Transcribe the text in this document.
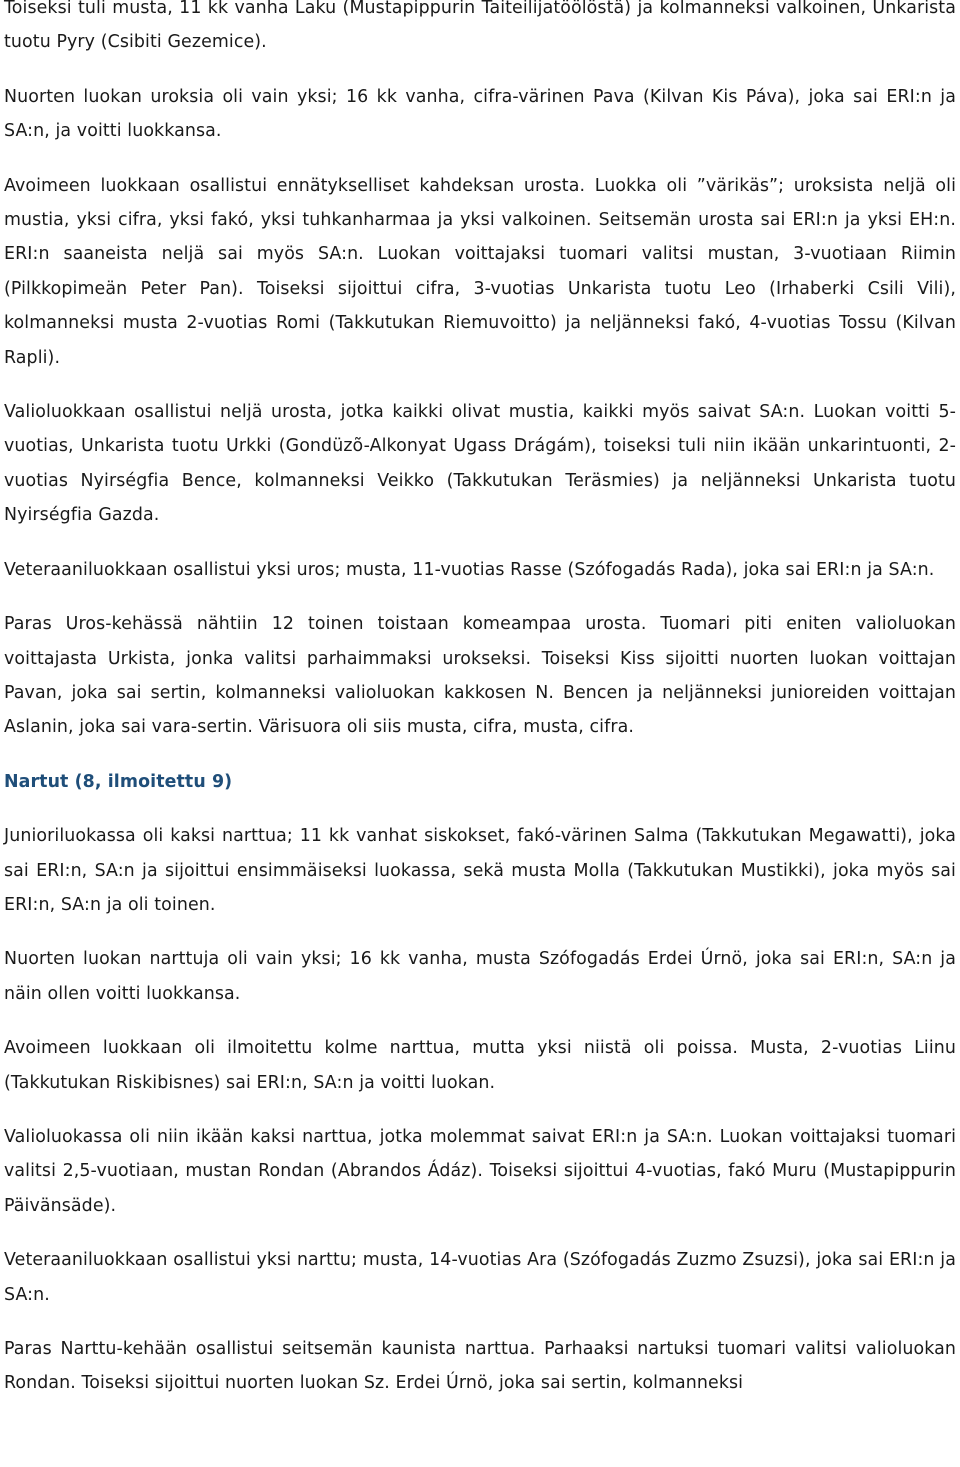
Toiseksi tuli musta, 11 kk vanha Laku (Mustapippurin Taiteilijatöölöstä) ja kolmanneksi valkoinen, Unkarista tuotu Pyry (Csibiti Gezemice).

Nuorten luokan uroksia oli vain yksi; 16 kk vanha, cifra-värinen Pava (Kilvan Kis Páva), joka sai ERI:n ja SA:n, ja voitti luokkansa.

Avoimeen luokkaan osallistui ennätykselliset kahdeksan urosta. Luokka oli ”värikäs”; uroksista neljä oli mustia, yksi cifra, yksi fakó, yksi tuhkanharmaa ja yksi valkoinen. Seitsemän urosta sai ERI:n ja yksi EH:n. ERI:n saaneista neljä sai myös SA:n. Luokan voittajaksi tuomari valitsi mustan, 3-vuotiaan Riimin (Pilkkopimeän Peter Pan). Toiseksi sijoittui cifra, 3-vuotias Unkarista tuotu Leo (Irhaberki Csili Vili), kolmanneksi musta 2-vuotias Romi (Takkutukan Riemuvoitto) ja neljänneksi fakó, 4-vuotias Tossu (Kilvan Rapli).

Valioluokkaan osallistui neljä urosta, jotka kaikki olivat mustia, kaikki myös saivat SA:n. Luokan voitti 5-vuotias, Unkarista tuotu Urkki (Gondüzõ-Alkonyat Ugass Drágám), toiseksi tuli niin ikään unkarintuonti, 2-vuotias Nyirségfia Bence, kolmanneksi Veikko (Takkutukan Teräsmies) ja neljänneksi Unkarista tuotu Nyirségfia Gazda.

Veteraaniluokkaan osallistui yksi uros; musta, 11-vuotias Rasse (Szófogadás Rada), joka sai ERI:n ja SA:n.

Paras Uros-kehässä nähtiin 12 toinen toistaan komeampaa urosta. Tuomari piti eniten valioluokan voittajasta Urkista, jonka valitsi parhaimmaksi urokseksi. Toiseksi Kiss sijoitti nuorten luokan voittajan Pavan, joka sai sertin, kolmanneksi valioluokan kakkosen N. Bencen ja neljänneksi junioreiden voittajan Aslanin, joka sai vara-sertin. Värisuora oli siis musta, cifra, musta, cifra.

Nartut (8, ilmoitettu 9)

Junioriluokassa oli kaksi narttua; 11 kk vanhat siskokset, fakó-värinen Salma (Takkutukan Megawatti), joka sai ERI:n, SA:n ja sijoittui ensimmäiseksi luokassa, sekä musta Molla (Takkutukan Mustikki), joka myös sai ERI:n, SA:n ja oli toinen.

Nuorten luokan narttuja oli vain yksi; 16 kk vanha, musta Szófogadás Erdei Úrnö, joka sai ERI:n, SA:n ja näin ollen voitti luokkansa.

Avoimeen luokkaan oli ilmoitettu kolme narttua, mutta yksi niistä oli poissa. Musta, 2-vuotias Liinu (Takkutukan Riskibisnes) sai ERI:n, SA:n ja voitti luokan.

Valioluokassa oli niin ikään kaksi narttua, jotka molemmat saivat ERI:n ja SA:n. Luokan voittajaksi tuomari valitsi 2,5-vuotiaan, mustan Rondan (Abrandos Ádáz). Toiseksi sijoittui 4-vuotias, fakó Muru (Mustapippurin Päivänsäde).

Veteraaniluokkaan osallistui yksi narttu; musta, 14-vuotias Ara (Szófogadás Zuzmo Zsuzsi), joka sai ERI:n ja SA:n.

Paras Narttu-kehään osallistui seitsemän kaunista narttua. Parhaaksi nartuksi tuomari valitsi valioluokan Rondan. Toiseksi sijoittui nuorten luokan Sz. Erdei Úrnö, joka sai sertin, kolmanneksi
